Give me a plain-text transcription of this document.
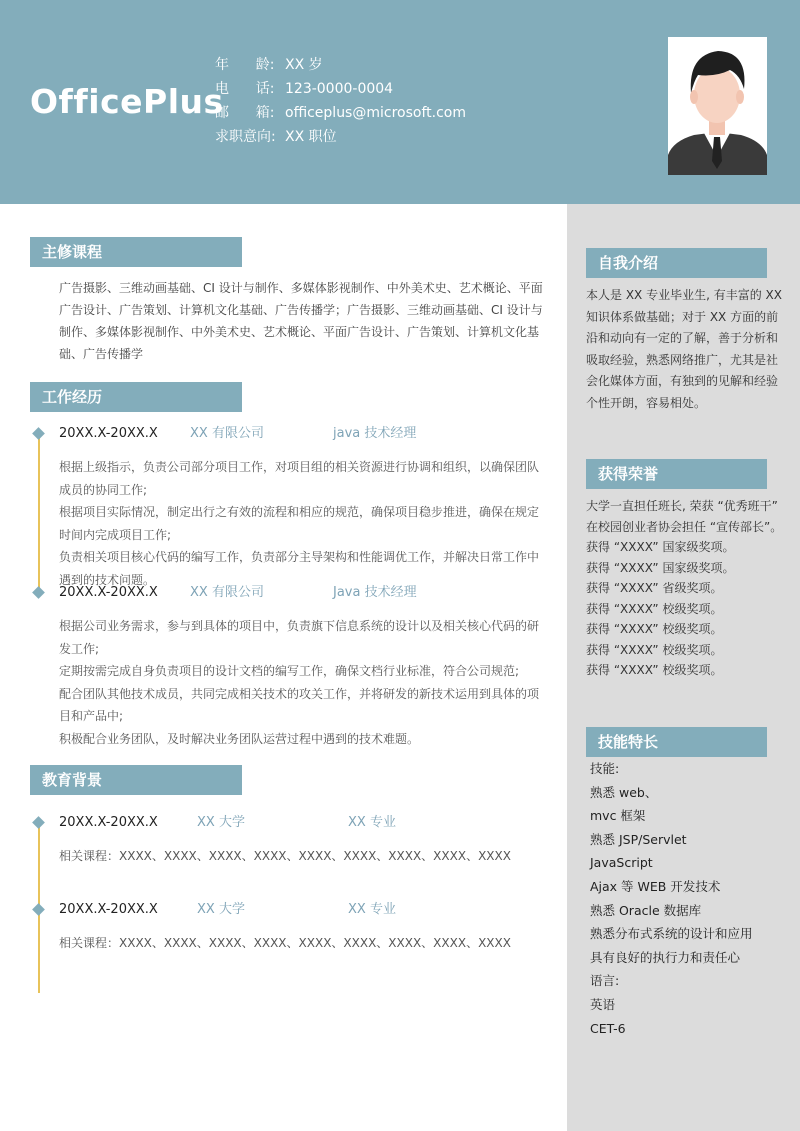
OfficePlus
年      龄: XX 岁
电      话: 123-0000-0004
邮      箱: officeplus@microsoft.com
求职意向: XX 职位
主修课程
广告摄影、三维动画基础、CI 设计与制作、多媒体影视制作、中外美术史、艺术概论、平面
广告设计、广告策划、计算机文化基础、广告传播学；广告摄影、三维动画基础、CI 设计与
制作、多媒体影视制作、中外美术史、艺术概论、平面广告设计、广告策划、计算机文化基
础、广告传播学
工作经历
20XX.X-20XX.X XX 有限公司	java 技术经理
根据上级指示，负责公司部分项目工作，对项目组的相关资源进行协调和组织，以确保团队
成员的协同工作;
根据项目实际情况，制定出行之有效的流程和相应的规范，确保项目稳步推进，确保在规定
时间内完成项目工作;
负责相关项目核心代码的编写工作，负责部分主导架构和性能调优工作，并解决日常工作中
遇到的技术问题。
20XX.X-20XX.X XX 有限公司	Java 技术经理
根据公司业务需求，参与到具体的项目中，负责旗下信息系统的设计以及相关核心代码的研
发工作;
定期按需完成自身负责项目的设计文档的编写工作，确保文档行业标准，符合公司规范;
配合团队其他技术成员，共同完成相关技术的攻关工作，并将研发的新技术运用到具体的项
目和产品中;
积极配合业务团队，及时解决业务团队运营过程中遇到的技术难题。
教育背景
20XX.X-20XX.X	XX 大学	XX 专业
相关课程：XXXX、XXXX、XXXX、XXXX、XXXX、XXXX、XXXX、XXXX、XXXX
20XX.X-20XX.X	XX 大学	XX 专业
相关课程：XXXX、XXXX、XXXX、XXXX、XXXX、XXXX、XXXX、XXXX、XXXX
自我介绍
本人是 XX 专业毕业生, 有丰富的 XX
知识体系做基础；对于 XX 方面的前
沿和动向有一定的了解，善于分析和
吸取经验，熟悉网络推广，尤其是社
会化媒体方面，有独到的见解和经验
个性开朗，容易相处。
获得荣誉
大学一直担任班长, 荣获 “优秀班干”
在校园创业者协会担任 “宣传部长”。
获得 “XXXX” 国家级奖项。
获得 “XXXX” 国家级奖项。
获得 “XXXX” 省级奖项。
获得 “XXXX” 校级奖项。
获得 “XXXX” 校级奖项。
获得 “XXXX” 校级奖项。
获得 “XXXX” 校级奖项。
技能特长
技能:
熟悉 web、
mvc 框架
熟悉 JSP/Servlet
JavaScript
Ajax 等 WEB 开发技术
熟悉 Oracle 数据库
熟悉分布式系统的设计和应用
具有良好的执行力和责任心
语言:
英语
CET-6
